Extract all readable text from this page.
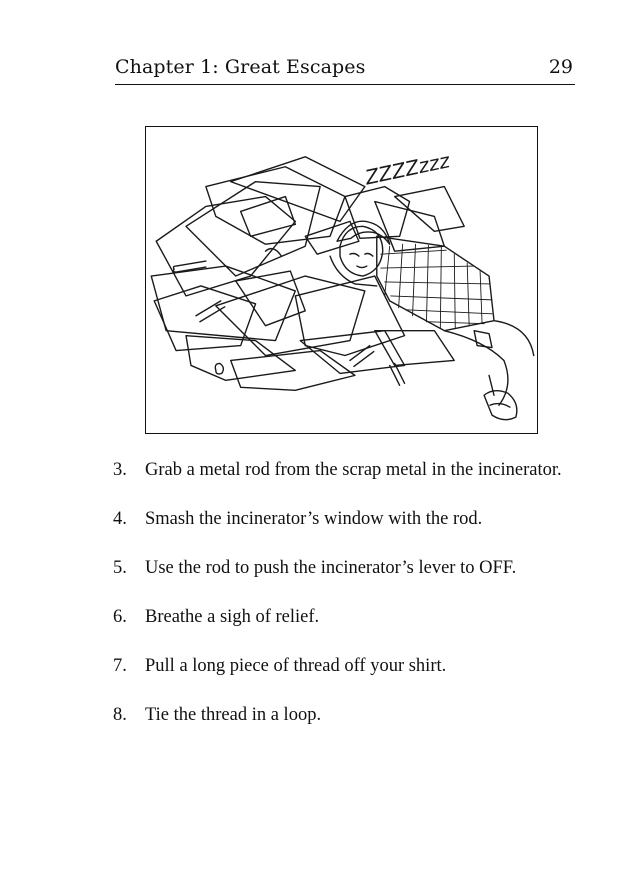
Chapter 1: Great Escapes	29
ZZZZzzz
3. Grab a metal rod from the scrap metal in the incinerator.
4. Smash the incinerator’s window with the rod.
5. Use the rod to push the incinerator’s lever to OFF.
6. Breathe a sigh of relief.
7. Pull a long piece of thread off your shirt.
8. Tie the thread in a loop.
